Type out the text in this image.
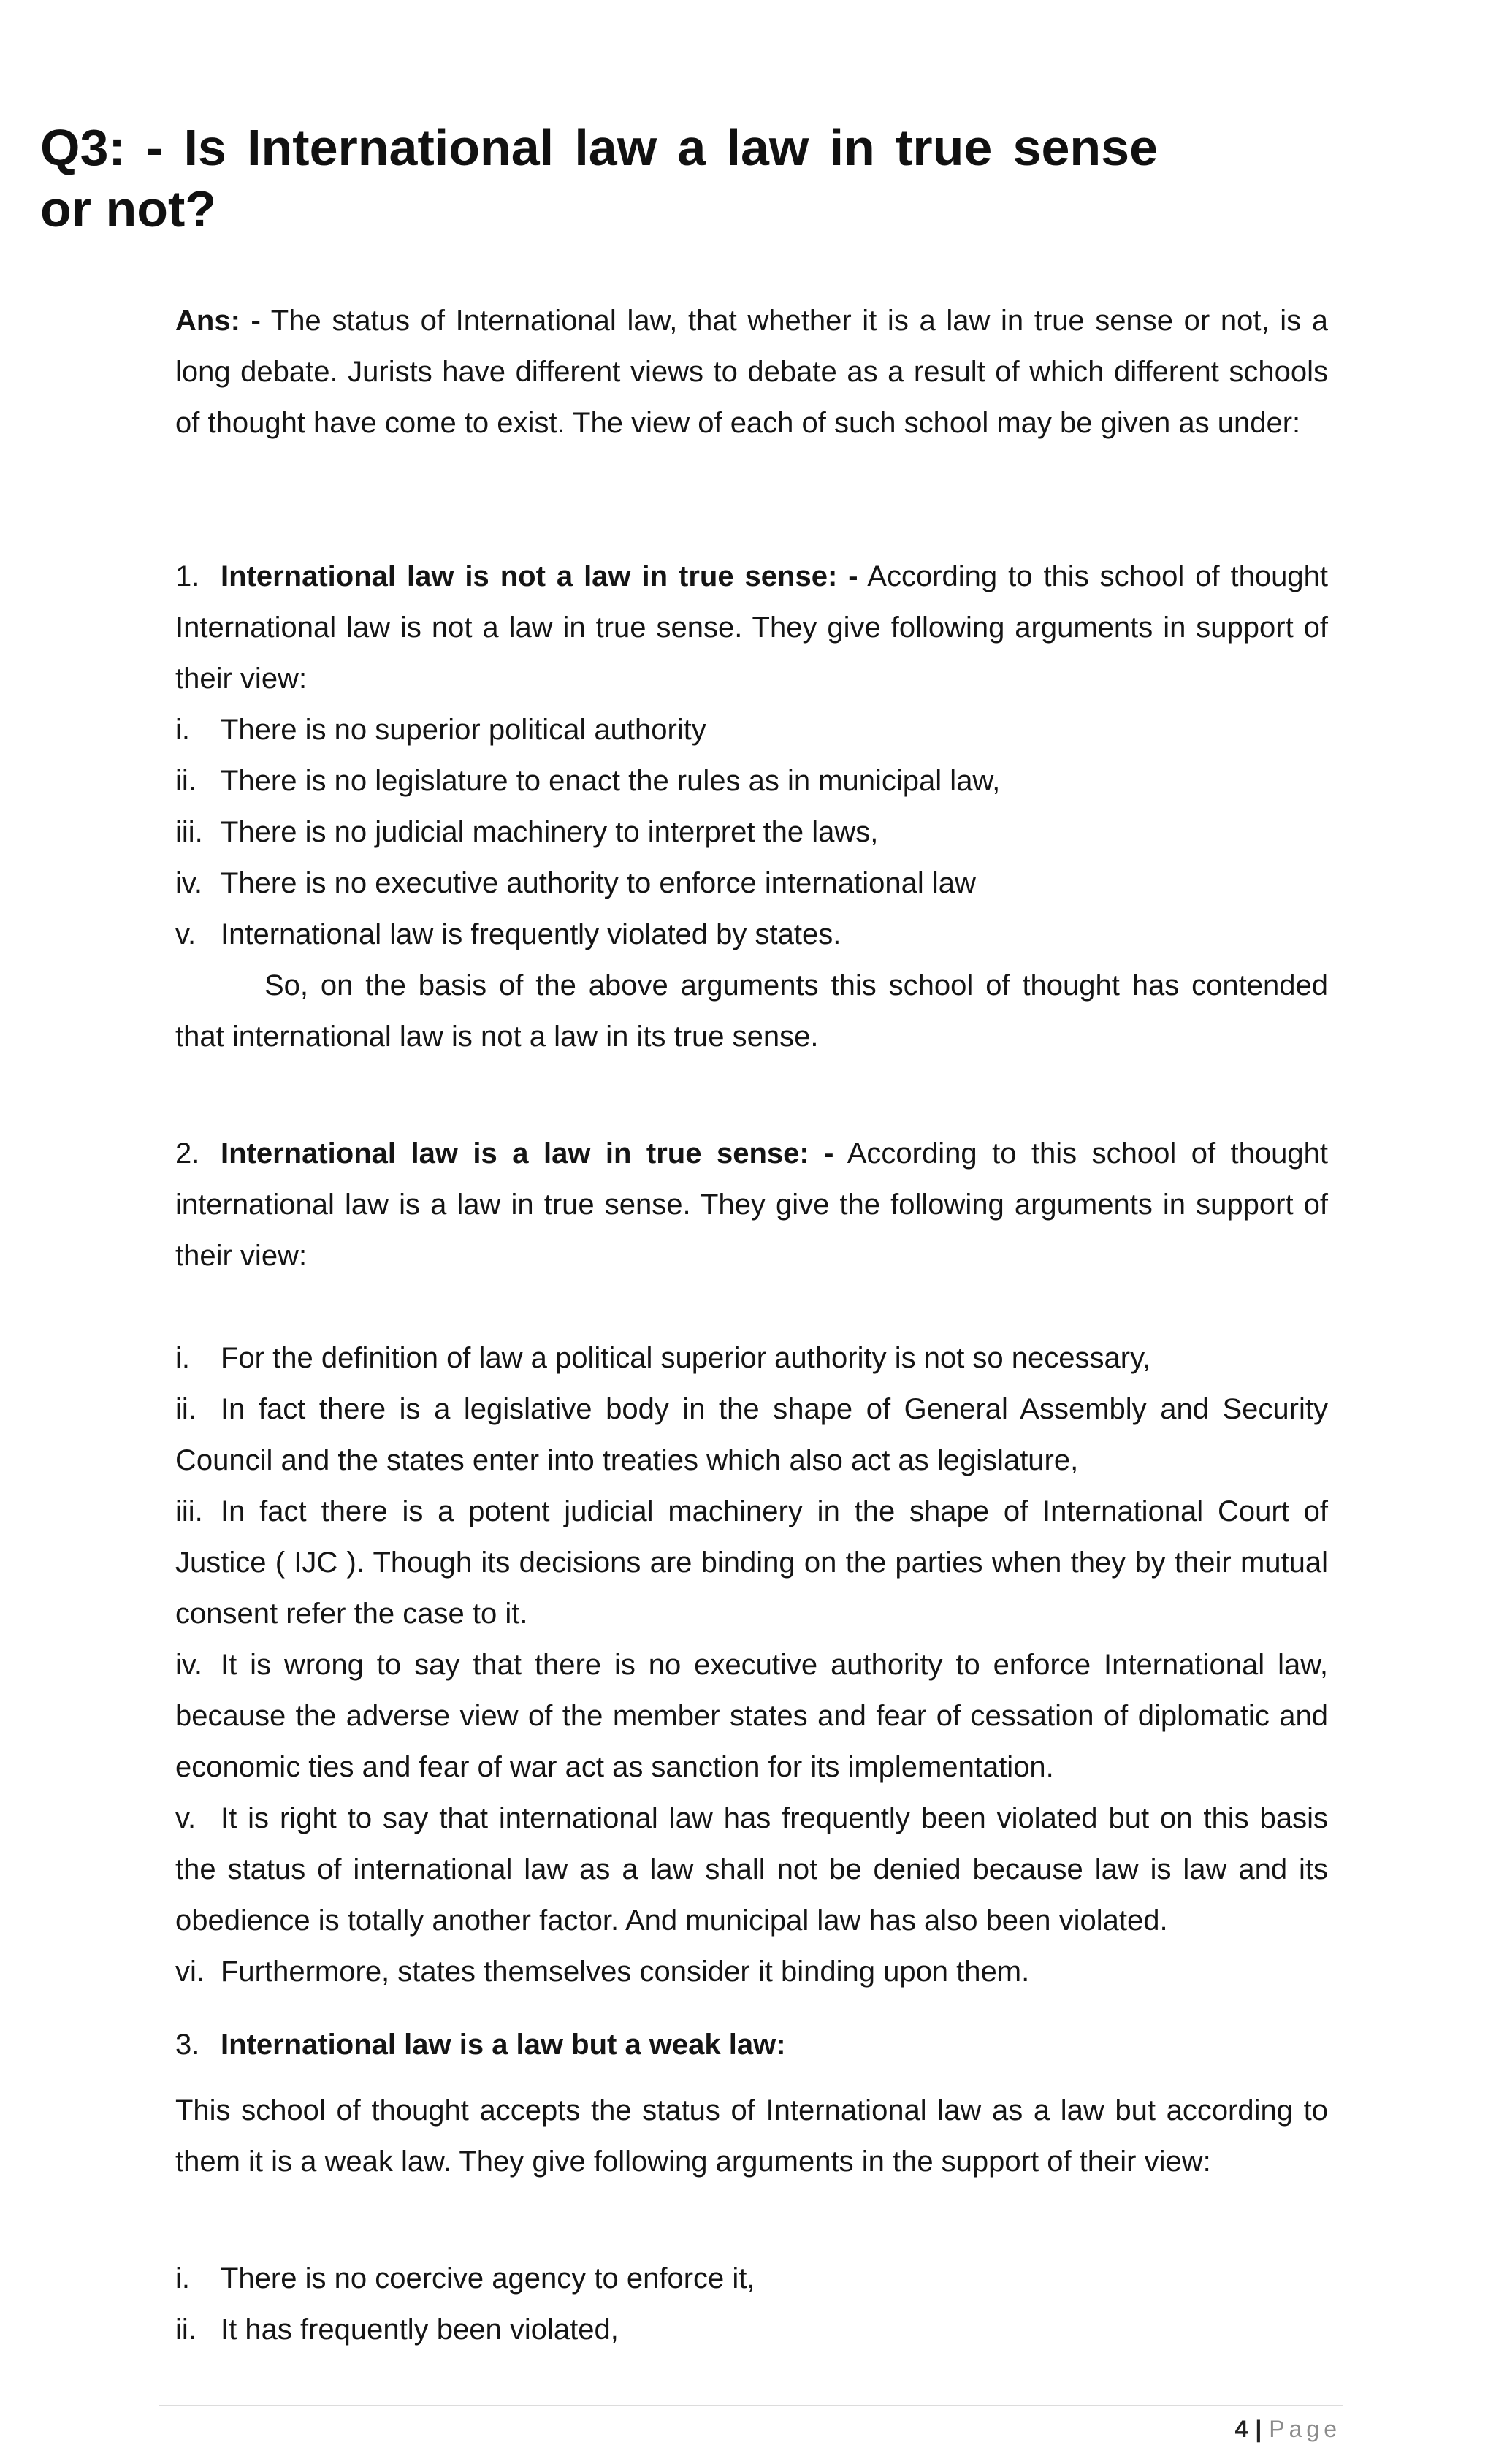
Q3: - Is International law a law in true sense or not?

Ans: - The status of International law, that whether it is a law in true sense or not, is a long debate. Jurists have different views to debate as a result of which different schools of thought have come to exist. The view of each of such school may be given as under:

1. International law is not a law in true sense: - According to this school of thought International law is not a law in true sense. They give following arguments in support of their view:

i. There is no superior political authority

ii. There is no legislature to enact the rules as in municipal law,

iii. There is no judicial machinery to interpret the laws,

iv. There is no executive authority to enforce international law

v. International law is frequently violated by states.

So, on the basis of the above arguments this school of thought has contended that international law is not a law in its true sense.

2. International law is a law in true sense: - According to this school of thought international law is a law in true sense. They give the following arguments in support of their view:

i. For the definition of law a political superior authority is not so necessary,

ii. In fact there is a legislative body in the shape of General Assembly and Security Council and the states enter into treaties which also act as legislature,

iii. In fact there is a potent judicial machinery in the shape of International Court of Justice ( IJC ). Though its decisions are binding on the parties when they by their mutual consent refer the case to it.

iv. It is wrong to say that there is no executive authority to enforce International law, because the adverse view of the member states and fear of cessation of diplomatic and economic ties and fear of war act as sanction for its implementation.

v. It is right to say that international law has frequently been violated but on this basis the status of international law as a law shall not be denied because law is law and its obedience is totally another factor. And municipal law has also been violated.

vi. Furthermore, states themselves consider it binding upon them.

3. International law is a law but a weak law:

This school of thought accepts the status of International law as a law but according to them it is a weak law. They give following arguments in the support of their view:

i. There is no coercive agency to enforce it,

ii. It has frequently been violated,

4 | Page
